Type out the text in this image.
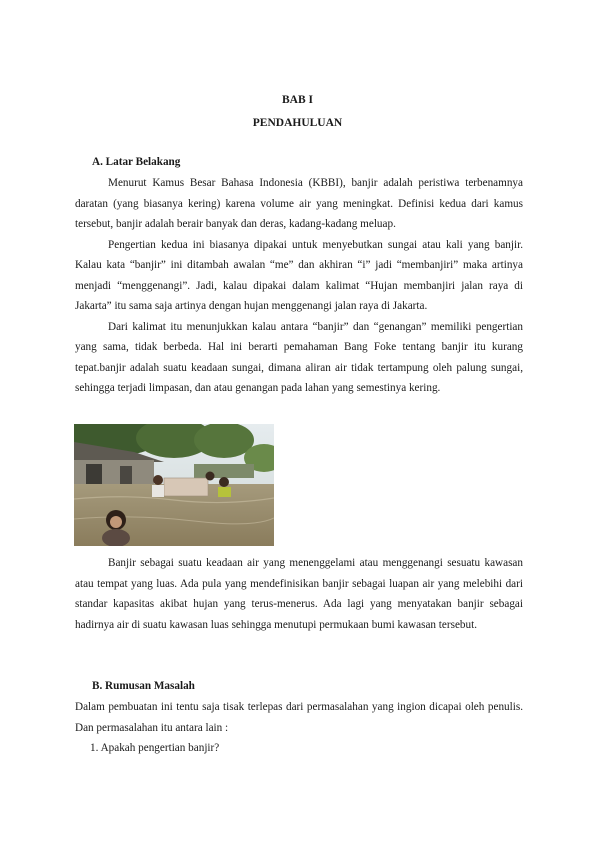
BAB I
PENDAHULUAN
A. Latar Belakang

Menurut Kamus Besar Bahasa Indonesia (KBBI), banjir adalah peristiwa terbenamnya daratan (yang biasanya kering) karena volume air yang meningkat. Definisi kedua dari kamus tersebut, banjir adalah berair banyak dan deras, kadang-kadang meluap.

Pengertian kedua ini biasanya dipakai untuk menyebutkan sungai atau kali yang banjir. Kalau kata “banjir” ini ditambah awalan “me” dan akhiran “i” jadi “membanjiri” maka artinya menjadi “menggenangi”. Jadi, kalau dipakai dalam kalimat “Hujan membanjiri jalan raya di Jakarta” itu sama saja artinya dengan hujan menggenangi jalan raya di Jakarta.

Dari kalimat itu menunjukkan kalau antara “banjir” dan “genangan” memiliki pengertian yang sama, tidak berbeda. Hal ini berarti pemahaman Bang Foke tentang banjir itu kurang tepat.banjir adalah suatu keadaan sungai, dimana aliran air tidak tertampung oleh palung sungai, sehingga terjadi limpasan, dan atau genangan pada lahan yang semestinya kering.

Banjir sebagai suatu keadaan air yang menenggelami atau menggenangi sesuatu kawasan atau tempat yang luas. Ada pula yang mendefinisikan banjir sebagai luapan air yang melebihi dari standar kapasitas akibat hujan yang terus-menerus. Ada lagi yang menyatakan banjir sebagai hadirnya air di suatu kawasan luas sehingga menutupi permukaan bumi kawasan tersebut.

B. Rumusan Masalah

Dalam pembuatan ini tentu saja tisak terlepas dari permasalahan yang ingion dicapai oleh penulis. Dan permasalahan itu antara lain :

1. Apakah pengertian banjir?
